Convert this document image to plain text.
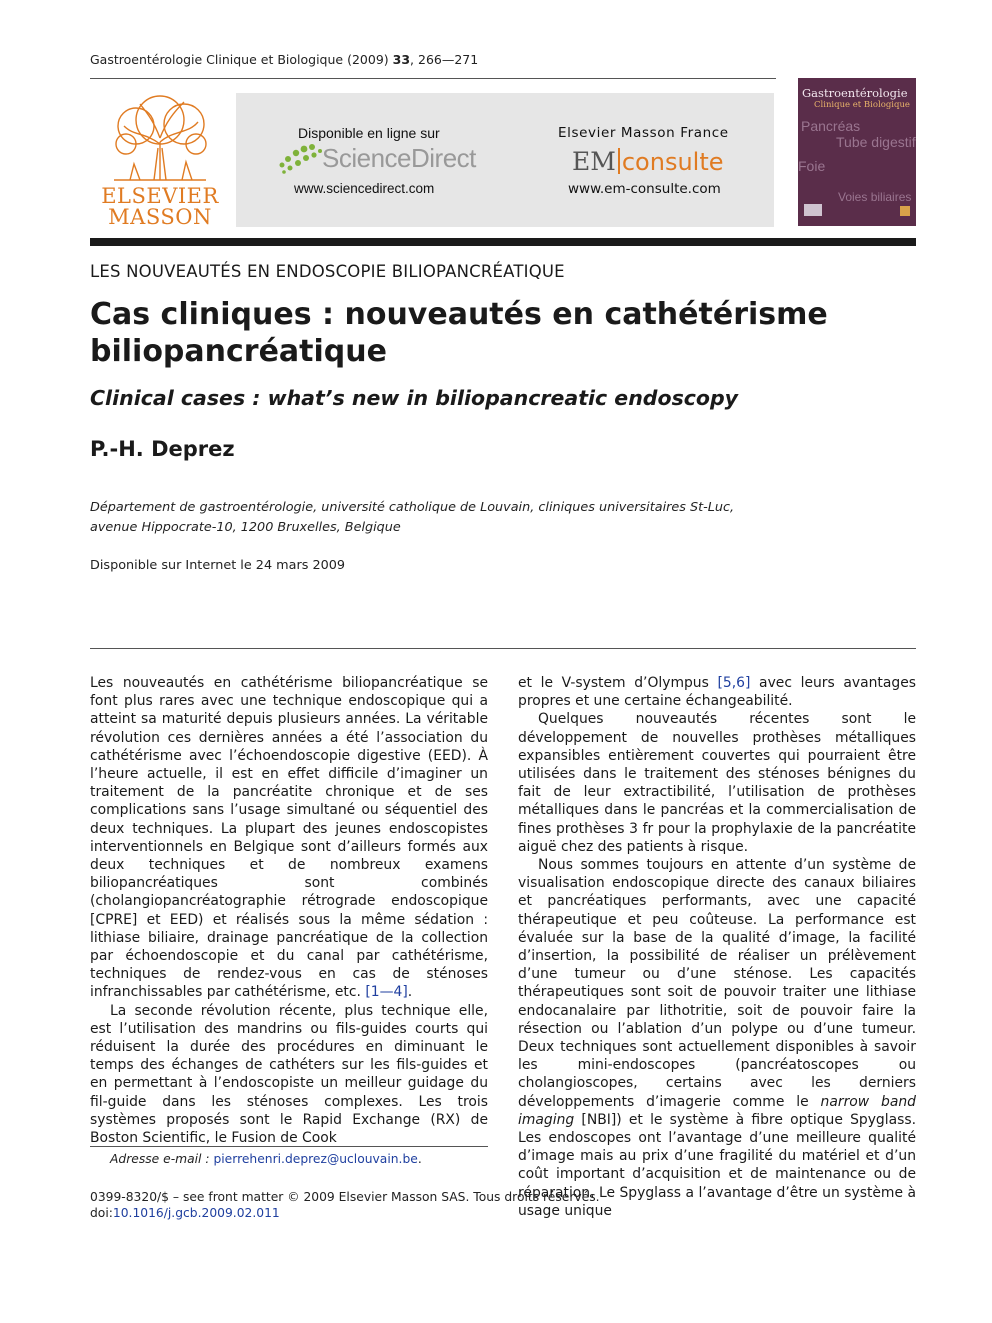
Gastroentérologie Clinique et Biologique (2009) 33, 266—271
ELSEVIER
MASSON
Disponible en ligne sur
ScienceDirect
www.sciencedirect.com
Elsevier Masson France
EM consulte
www.em-consulte.com
Gastroentérologie
Clinique et Biologique
Pancréas
Tube digestif
Foie
Voies biliaires
LES NOUVEAUTÉS EN ENDOSCOPIE BILIOPANCRÉATIQUE
Cas cliniques : nouveautés en cathétérisme biliopancréatique
Clinical cases : what’s new in biliopancreatic endoscopy
P.-H. Deprez
Département de gastroentérologie, université catholique de Louvain, cliniques universitaires St-Luc,
avenue Hippocrate-10, 1200 Bruxelles, Belgique
Disponible sur Internet le 24 mars 2009

Les nouveautés en cathétérisme biliopancréatique se font plus rares avec une technique endoscopique qui a atteint sa maturité depuis plusieurs années. La véritable révolution ces dernières années a été l’association du cathétérisme avec l’échoendoscopie digestive (EED). À l’heure actuelle, il est en effet difficile d’imaginer un traitement de la pancréatite chronique et de ses complications sans l’usage simultané ou séquentiel des deux techniques. La plupart des jeunes endoscopistes interventionnels en Belgique sont d’ailleurs formés aux deux techniques et de nombreux examens biliopancréatiques sont combinés (cholangiopancréatographie rétrograde endoscopique [CPRE] et EED) et réalisés sous la même sédation : lithiase biliaire, drainage pancréatique de la collection par échoendoscopie et du canal par cathétérisme, techniques de rendez-vous en cas de sténoses infranchissables par cathétérisme, etc. [1—4].

La seconde révolution récente, plus technique elle, est l’utilisation des mandrins ou fils-guides courts qui réduisent la durée des procédures en diminuant le temps des échanges de cathéters sur les fils-guides et en permettant à l’endoscopiste un meilleur guidage du fil-guide dans les sténoses complexes. Les trois systèmes proposés sont le Rapid Exchange (RX) de Boston Scientific, le Fusion de Cook

et le V-system d’Olympus [5,6] avec leurs avantages propres et une certaine échangeabilité.

Quelques nouveautés récentes sont le développement de nouvelles prothèses métalliques expansibles entièrement couvertes qui pourraient être utilisées dans le traitement des sténoses bénignes du fait de leur extractibilité, l’utilisation de prothèses métalliques dans le pancréas et la commercialisation de fines prothèses 3 fr pour la prophylaxie de la pancréatite aiguë chez des patients à risque.

Nous sommes toujours en attente d’un système de visualisation endoscopique directe des canaux biliaires et pancréatiques performants, avec une capacité thérapeutique et peu coûteuse. La performance est évaluée sur la base de la qualité d’image, la facilité d’insertion, la possibilité de réaliser un prélèvement d’une tumeur ou d’une sténose. Les capacités thérapeutiques sont soit de pouvoir traiter une lithiase endocanalaire par lithotritie, soit de pouvoir faire la résection ou l’ablation d’un polype ou d’une tumeur. Deux techniques sont actuellement disponibles à savoir les mini-endoscopes (pancréatoscopes ou cholangioscopes, certains avec les derniers développements d’imagerie comme le narrow band imaging [NBI]) et le système à fibre optique Spyglass. Les endoscopes ont l’avantage d’une meilleure qualité d’image mais au prix d’une fragilité du matériel et d’un coût important d’acquisition et de maintenance ou de réparation. Le Spyglass a l’avantage d’être un système à usage unique

Adresse e-mail : pierrehenri.deprez@uclouvain.be.
0399-8320/$ – see front matter © 2009 Elsevier Masson SAS. Tous droits réservés.
doi:10.1016/j.gcb.2009.02.011
